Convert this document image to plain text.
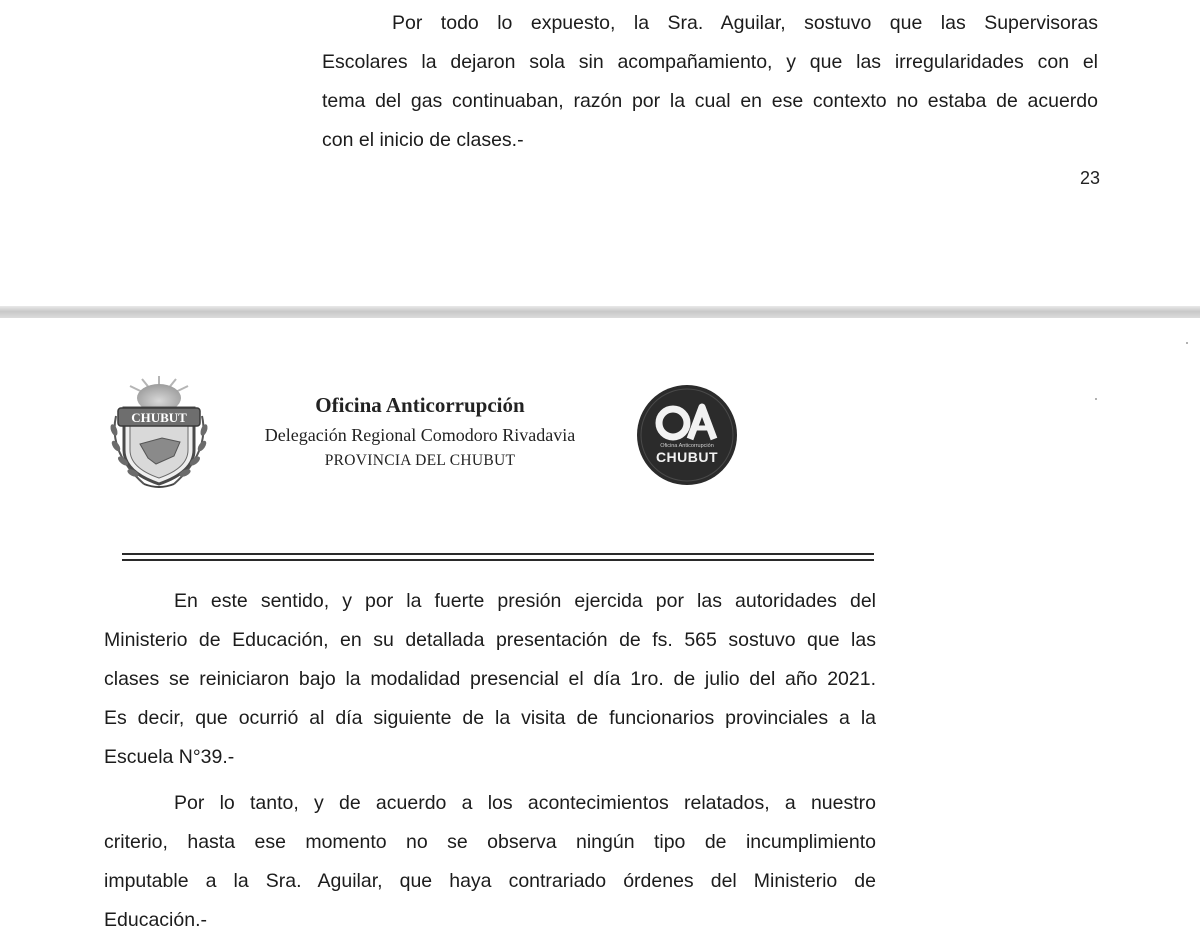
Por todo lo expuesto, la Sra. Aguilar, sostuvo que las Supervisoras
Escolares la dejaron sola sin acompañamiento, y que las irregularidades con el
tema del gas continuaban, razón por la cual en ese contexto no estaba de acuerdo
con el inicio de clases.-

23
CHUBUT
Oficina Anticorrupción
Delegación Regional Comodoro Rivadavia
PROVINCIA DEL CHUBUT
Oficina Anticorrupción
CHUBUT

En este sentido, y por la fuerte presión ejercida por las autoridades del
Ministerio de Educación, en su detallada presentación de fs. 565 sostuvo que las
clases se reiniciaron bajo la modalidad presencial el día 1ro. de julio del año 2021.
Es decir, que ocurrió al día siguiente de la visita de funcionarios provinciales a la
Escuela N°39.-

Por lo tanto, y de acuerdo a los acontecimientos relatados, a nuestro
criterio, hasta ese momento no se observa ningún tipo de incumplimiento
imputable a la Sra. Aguilar, que haya contrariado órdenes del Ministerio de
Educación.-
